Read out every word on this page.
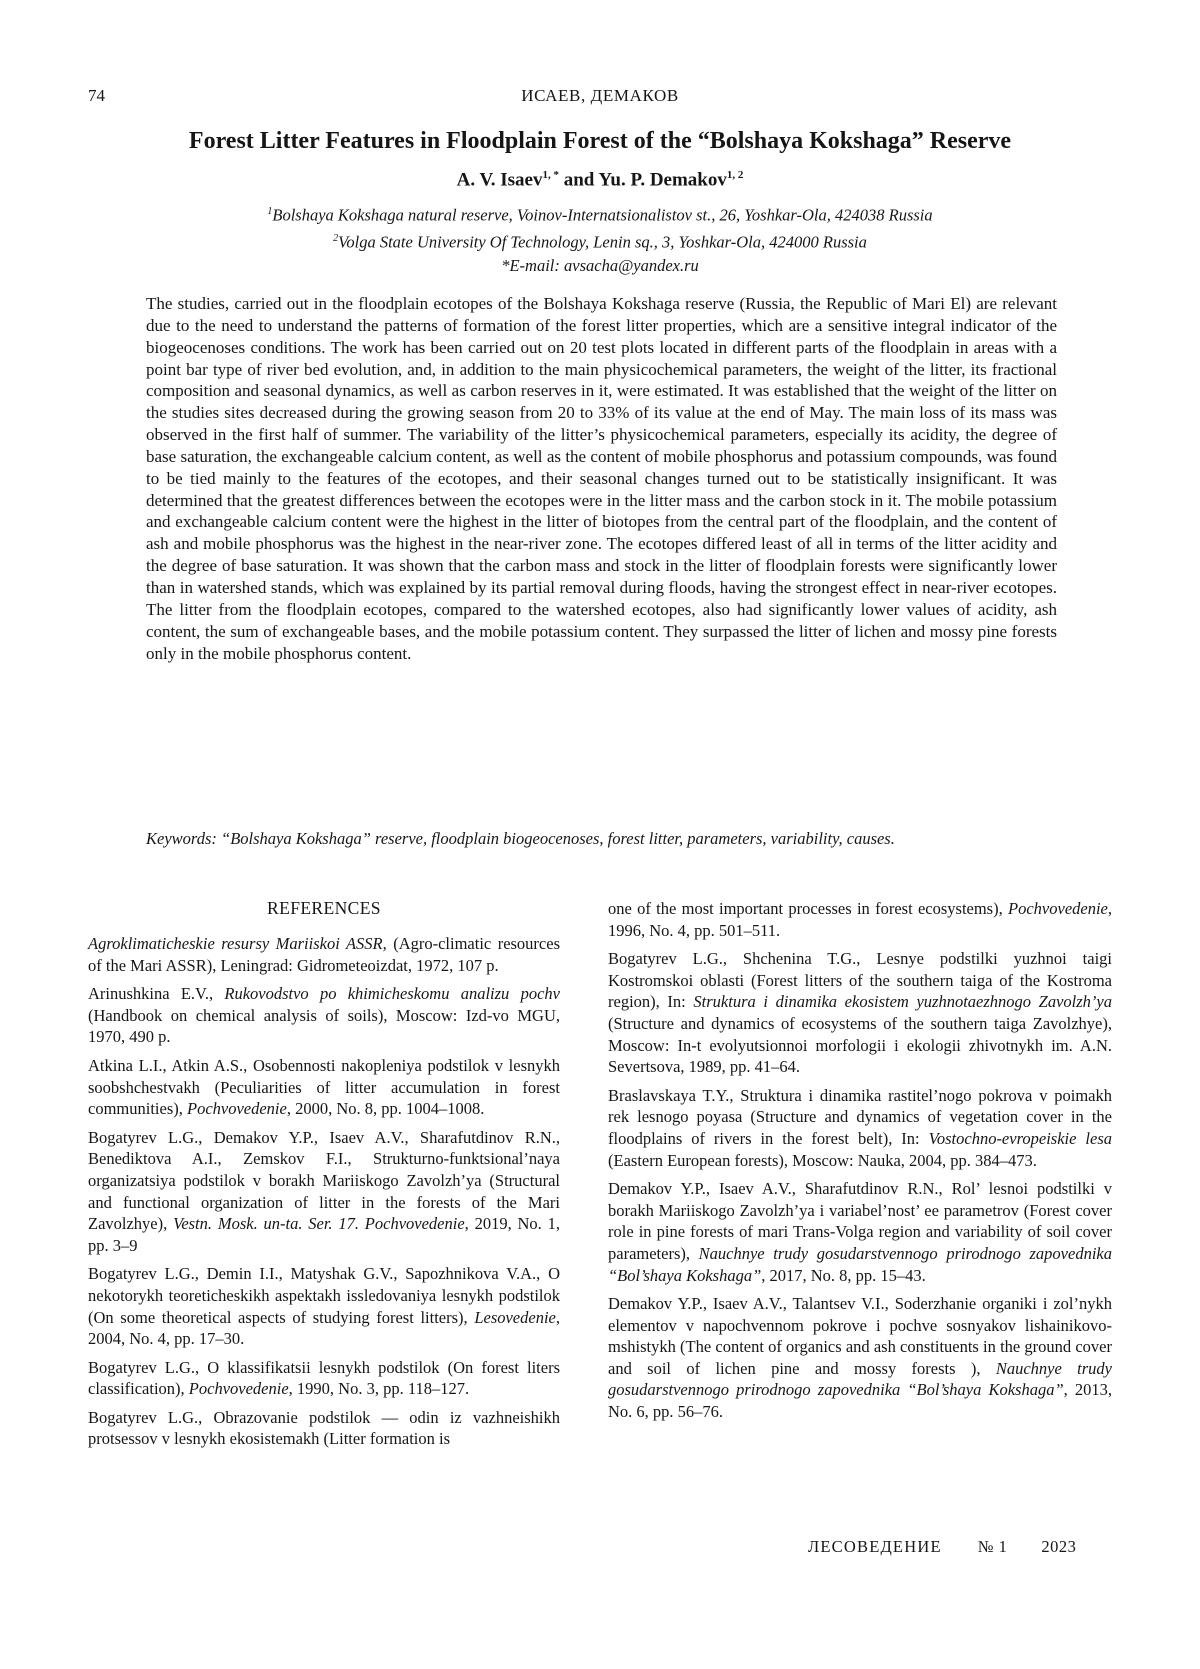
74	ИСАЕВ, ДЕМАКОВ
Forest Litter Features in Floodplain Forest of the “Bolshaya Kokshaga” Reserve
A. V. Isaev$^{1, *}$ and Yu. P. Demakov$^{1, 2}$
$^1$Bolshaya Kokshaga natural reserve, Voinov-Internatsionalistov st., 26, Yoshkar-Ola, 424038 Russia
$^2$Volga State University Of Technology, Lenin sq., 3, Yoshkar-Ola, 424000 Russia
*E-mail: avsacha@yandex.ru

The studies, carried out in the floodplain ecotopes of the Bolshaya Kokshaga reserve (Russia, the Republic of Mari El) are relevant due to the need to understand the patterns of formation of the forest litter properties, which are a sensitive integral indicator of the biogeocenoses conditions. The work has been carried out on 20 test plots located in different parts of the floodplain in areas with a point bar type of river bed evolution, and, in addition to the main physicochemical parameters, the weight of the litter, its fractional composition and seasonal dynamics, as well as carbon reserves in it, were estimated. It was established that the weight of the litter on the studies sites decreased during the growing season from 20 to 33% of its value at the end of May. The main loss of its mass was observed in the first half of summer. The variability of the litter’s physicochemical parameters, especially its acidity, the degree of base saturation, the exchangeable calcium content, as well as the content of mobile phosphorus and potassium compounds, was found to be tied mainly to the features of the ecotopes, and their seasonal changes turned out to be statistically insignificant. It was determined that the greatest differences between the ecotopes were in the litter mass and the carbon stock in it. The mobile potassium and exchangeable calcium content were the highest in the litter of biotopes from the central part of the floodplain, and the content of ash and mobile phosphorus was the highest in the near-river zone. The ecotopes differed least of all in terms of the litter acidity and the degree of base saturation. It was shown that the carbon mass and stock in the litter of floodplain forests were significantly lower than in watershed stands, which was explained by its partial removal during floods, having the strongest effect in near-river ecotopes. The litter from the floodplain ecotopes, compared to the watershed ecotopes, also had significantly lower values of acidity, ash content, the sum of exchangeable bases, and the mobile potassium content. They surpassed the litter of lichen and mossy pine forests only in the mobile phosphorus content.

Keywords: “Bolshaya Kokshaga” reserve, floodplain biogeocenoses, forest litter, parameters, variability, causes.

REFERENCES

Agroklimaticheskie resursy Mariiskoi ASSR, (Agro-climatic resources of the Mari ASSR), Leningrad: Gidrometeoizdat, 1972, 107 p.

Arinushkina E.V., Rukovodstvo po khimicheskomu analizu pochv (Handbook on chemical analysis of soils), Moscow: Izd-vo MGU, 1970, 490 p.

Atkina L.I., Atkin A.S., Osobennosti nakopleniya podstilok v lesnykh soobshchestvakh (Peculiarities of litter accumulation in forest communities), Pochvovedenie, 2000, No. 8, pp. 1004–1008.

Bogatyrev L.G., Demakov Y.P., Isaev A.V., Sharafutdinov R.N., Benediktova A.I., Zemskov F.I., Strukturno-funktsional’naya organizatsiya podstilok v borakh Mariiskogo Zavolzh’ya (Structural and functional organization of litter in the forests of the Mari Zavolzhye), Vestn. Mosk. un-ta. Ser. 17. Pochvovedenie, 2019, No. 1, pp. 3–9

Bogatyrev L.G., Demin I.I., Matyshak G.V., Sapozhnikova V.A., O nekotorykh teoreticheskikh aspektakh issledovaniya lesnykh podstilok (On some theoretical aspects of studying forest litters), Lesovedenie, 2004, No. 4, pp. 17–30.

Bogatyrev L.G., O klassifikatsii lesnykh podstilok (On forest liters classification), Pochvovedenie, 1990, No. 3, pp. 118–127.

Bogatyrev L.G., Obrazovanie podstilok — odin iz vazhneishikh protsessov v lesnykh ekosistemakh (Litter formation is

one of the most important processes in forest ecosystems), Pochvovedenie, 1996, No. 4, pp. 501–511.

Bogatyrev L.G., Shchenina T.G., Lesnye podstilki yuzhnoi taigi Kostromskoi oblasti (Forest litters of the southern taiga of the Kostroma region), In: Struktura i dinamika ekosistem yuzhnotaezhnogo Zavolzh’ya (Structure and dynamics of ecosystems of the southern taiga Zavolzhye), Moscow: In-t evolyutsionnoi morfologii i ekologii zhivotnykh im. A.N. Severtsova, 1989, pp. 41–64.

Braslavskaya T.Y., Struktura i dinamika rastitel’nogo pokrova v poimakh rek lesnogo poyasa (Structure and dynamics of vegetation cover in the floodplains of rivers in the forest belt), In: Vostochno-evropeiskie lesa (Eastern European forests), Moscow: Nauka, 2004, pp. 384–473.

Demakov Y.P., Isaev A.V., Sharafutdinov R.N., Rol’ lesnoi podstilki v borakh Mariiskogo Zavolzh’ya i variabel’nost’ ee parametrov (Forest cover role in pine forests of mari Trans-Volga region and variability of soil cover parameters), Nauchnye trudy gosudarstvennogo prirodnogo zapovednika “Bol’shaya Kokshaga”, 2017, No. 8, pp. 15–43.

Demakov Y.P., Isaev A.V., Talantsev V.I., Soderzhanie organiki i zol’nykh elementov v napochvennom pokrove i pochve sosnyakov lishainikovo-mshistykh (The content of organics and ash constituents in the ground cover and soil of lichen pine and mossy forests ), Nauchnye trudy gosudarstvennogo prirodnogo zapovednika “Bol’shaya Kokshaga”, 2013, No. 6, pp. 56–76.

ЛЕСОВЕДЕНИЕ № 1 2023
